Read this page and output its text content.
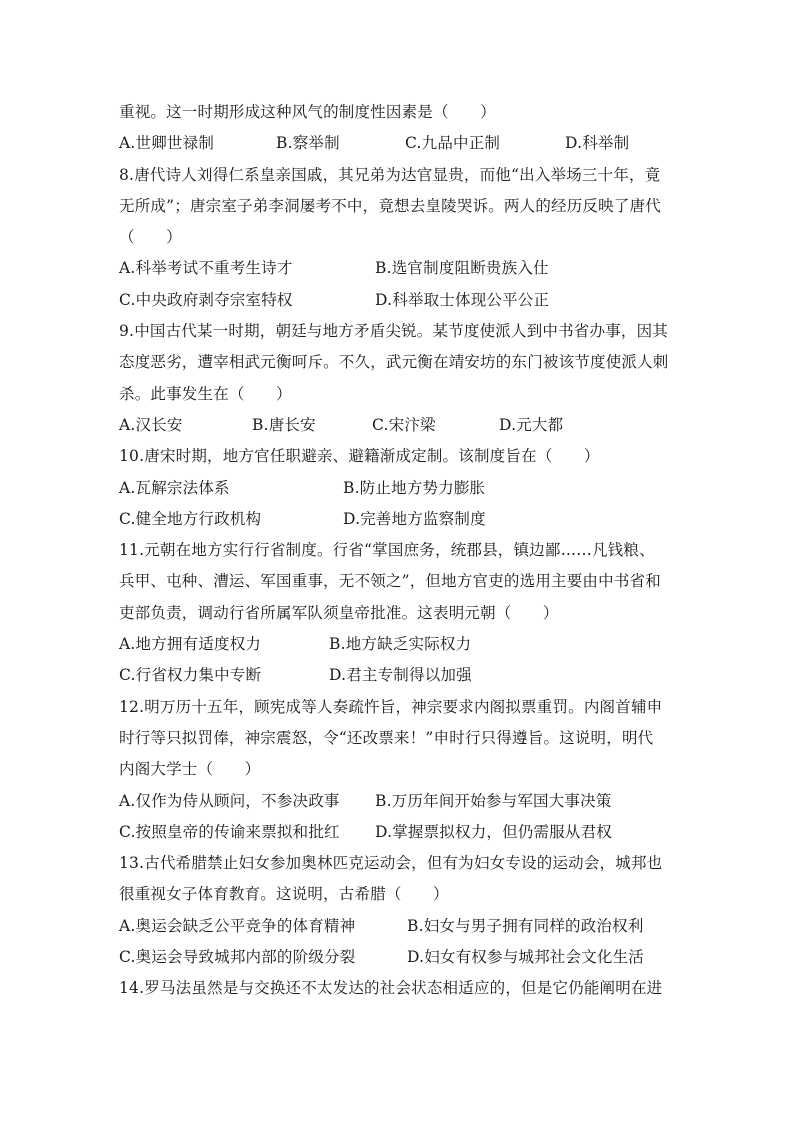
重视。这一时期形成这种风气的制度性因素是（　　）
A.世卿世禄制	B.察举制	C.九品中正制	D.科举制
8.唐代诗人刘得仁系皇亲国戚，其兄弟为达官显贵，而他“出入举场三十年，竟
无所成”；唐宗室子弟李洞屡考不中，竟想去皇陵哭诉。两人的经历反映了唐代
（　　）
A.科举考试不重考生诗才	B.选官制度阻断贵族入仕
C.中央政府剥夺宗室特权	D.科举取士体现公平公正
9.中国古代某一时期，朝廷与地方矛盾尖锐。某节度使派人到中书省办事，因其
态度恶劣，遭宰相武元衡呵斥。不久，武元衡在靖安坊的东门被该节度使派人刺
杀。此事发生在（　　）
A.汉长安	B.唐长安	C.宋汴梁	D.元大都
10.唐宋时期，地方官任职避亲、避籍渐成定制。该制度旨在（　　）
A.瓦解宗法体系	B.防止地方势力膨胀
C.健全地方行政机构	D.完善地方监察制度
11.元朝在地方实行行省制度。行省“掌国庶务，统郡县，镇边鄙……凡钱粮、
兵甲、屯种、漕运、军国重事，无不领之”，但地方官吏的选用主要由中书省和
吏部负责，调动行省所属军队须皇帝批准。这表明元朝（　　）
A.地方拥有适度权力	B.地方缺乏实际权力
C.行省权力集中专断	D.君主专制得以加强
12.明万历十五年，顾宪成等人奏疏忤旨，神宗要求内阁拟票重罚。内阁首辅申
时行等只拟罚俸，神宗震怒，令“还改票来！”申时行只得遵旨。这说明，明代
内阁大学士（　　）
A.仅作为侍从顾问，不参决政事 B.万历年间开始参与军国大事决策
C.按照皇帝的传谕来票拟和批红 D.掌握票拟权力，但仍需服从君权
13.古代希腊禁止妇女参加奥林匹克运动会，但有为妇女专设的运动会，城邦也
很重视女子体育教育。这说明，古希腊（　　）
A.奥运会缺乏公平竞争的体育精神	B.妇女与男子拥有同样的政治权利
C.奥运会导致城邦内部的阶级分裂	D.妇女有权参与城邦社会文化生活
14.罗马法虽然是与交换还不太发达的社会状态相适应的，但是它仍能阐明在进
